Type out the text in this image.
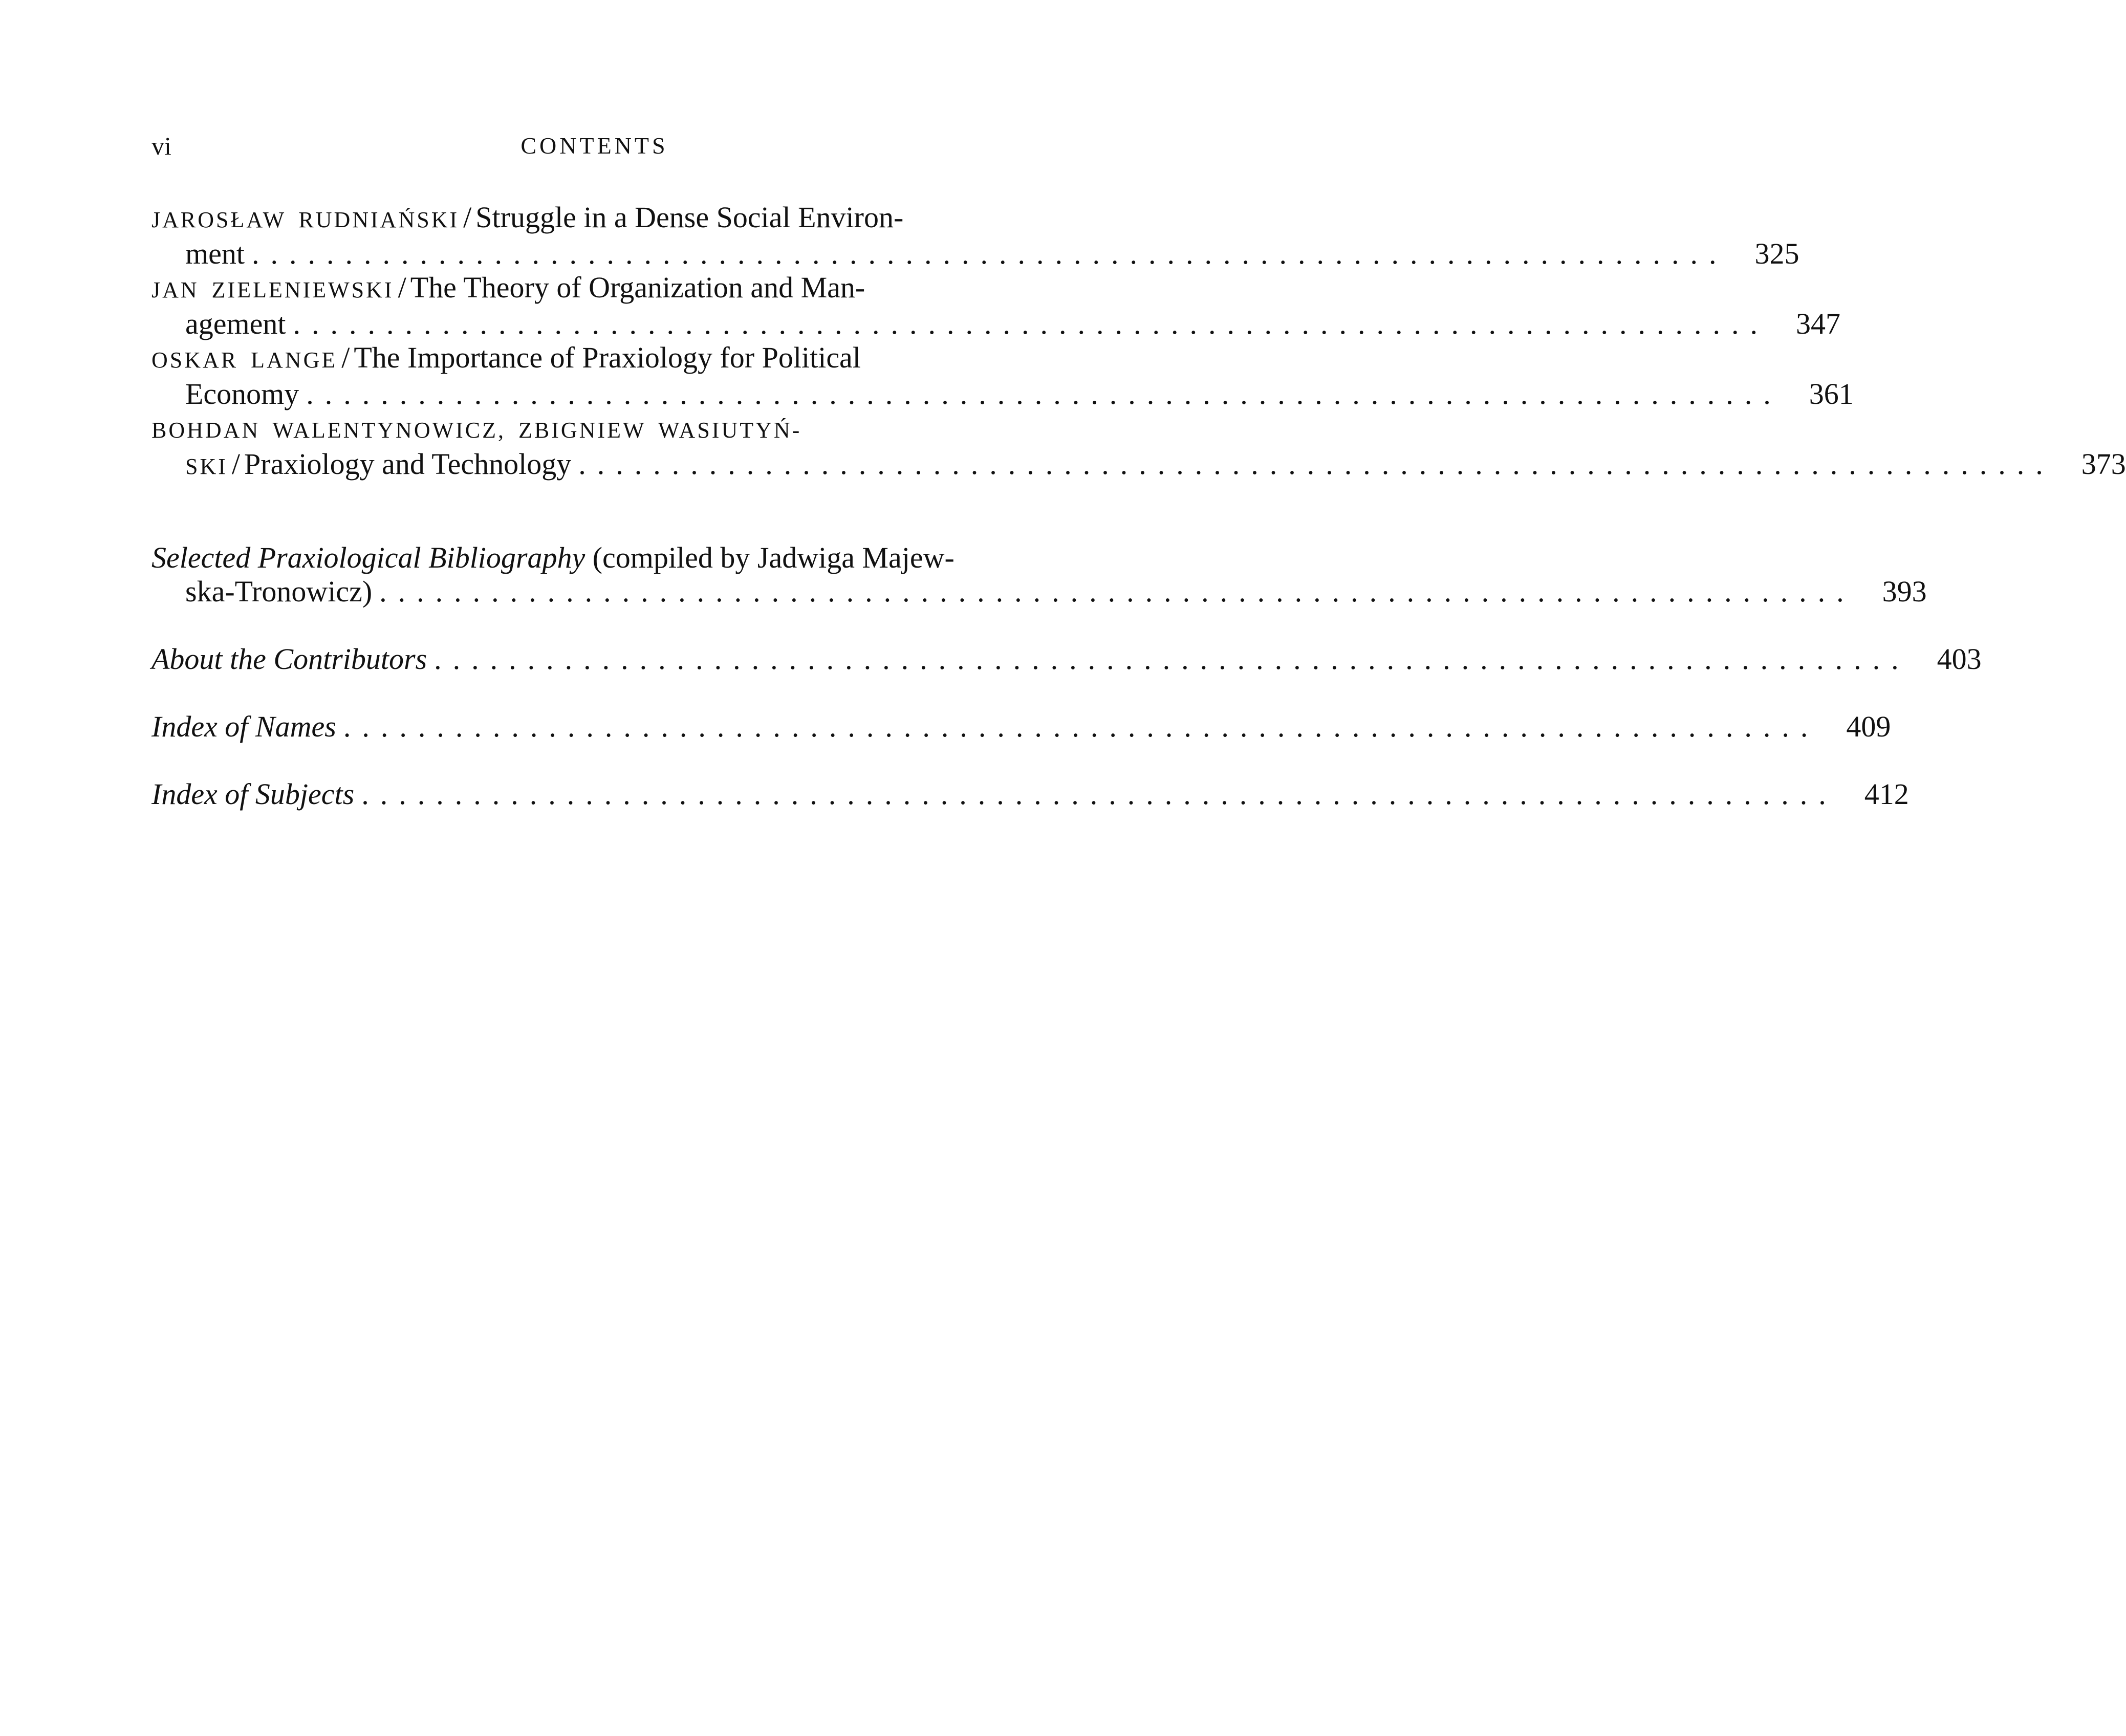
vi	CONTENTS
JAROSŁAW RUDNIAŃSKI / Struggle in a Dense Social Environ-
ment ............................................................................... 325
JAN ZIELENIEWSKI / The Theory of Organization and Man-
agement ............................................................................... 347
OSKAR LANGE / The Importance of Praxiology for Political
Economy ............................................................................... 361
BOHDAN WALENTYNOWICZ, ZBIGNIEW WASIUTYŃ-
SKI / Praxiology and Technology ............................................................................... 373
Selected Praxiological Bibliography (compiled by Jadwiga Majew-
ska-Tronowicz) ............................................................................... 393
About the Contributors ............................................................................... 403
Index of Names ............................................................................... 409
Index of Subjects ............................................................................... 412
